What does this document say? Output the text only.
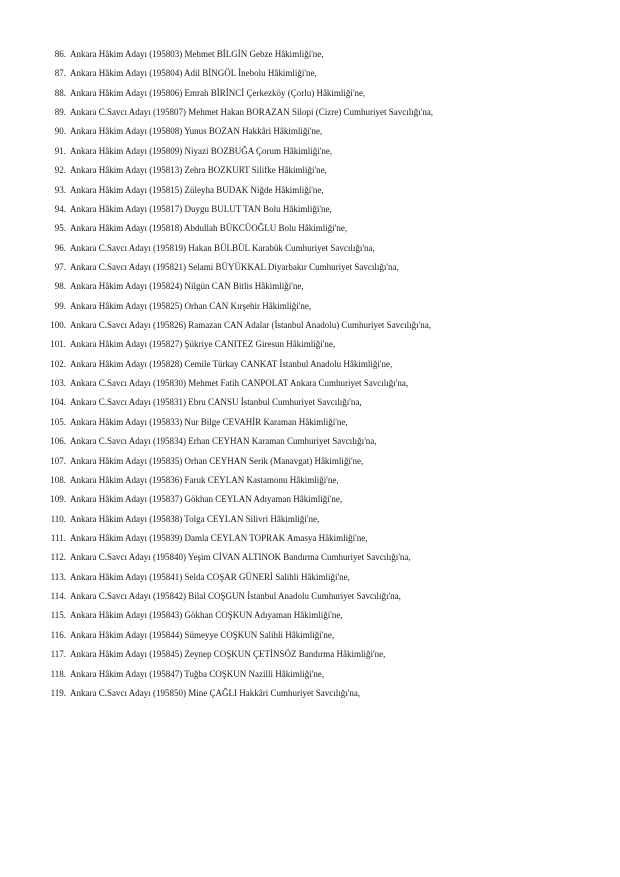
86. Ankara Hâkim Adayı (195803) Mehmet BİLGİN Gebze Hâkimliği'ne,
87. Ankara Hâkim Adayı (195804) Adil BİNGÖL İnebolu Hâkimliği'ne,
88. Ankara Hâkim Adayı (195806) Emrah BİRİNCİ Çerkezköy (Çorlu) Hâkimliği'ne,
89. Ankara C.Savcı Adayı (195807) Mehmet Hakan BORAZAN Silopi (Cizre) Cumhuriyet Savcılığı'na,
90. Ankara Hâkim Adayı (195808) Yunus BOZAN Hakkâri Hâkimliği'ne,
91. Ankara Hâkim Adayı (195809) Niyazi BOZBUĞA Çorum Hâkimliği'ne,
92. Ankara Hâkim Adayı (195813) Zehra BOZKURT Silifke Hâkimliği'ne,
93. Ankara Hâkim Adayı (195815) Züleyha BUDAK Niğde Hâkimliği'ne,
94. Ankara Hâkim Adayı (195817) Duygu BULUT TAN Bolu Hâkimliği'ne,
95. Ankara Hâkim Adayı (195818) Abdullah BÜKCÜOĞLU Bolu Hâkimliği'ne,
96. Ankara C.Savcı Adayı (195819) Hakan BÜLBÜL Karabük Cumhuriyet Savcılığı'na,
97. Ankara C.Savcı Adayı (195821) Selami BÜYÜKKAL Diyarbakır Cumhuriyet Savcılığı'na,
98. Ankara Hâkim Adayı (195824) Nilgün CAN Bitlis Hâkimliği'ne,
99. Ankara Hâkim Adayı (195825) Orhan CAN Kırşehir Hâkimliği'ne,
100. Ankara C.Savcı Adayı (195826) Ramazan CAN Adalar (İstanbul Anadolu) Cumhuriyet Savcılığı'na,
101. Ankara Hâkim Adayı (195827) Şükriye CANITEZ Giresun Hâkimliği'ne,
102. Ankara Hâkim Adayı (195828) Cemile Türkay CANKAT İstanbul Anadolu Hâkimliği'ne,
103. Ankara C.Savcı Adayı (195830) Mehmet Fatih CANPOLAT Ankara Cumhuriyet Savcılığı'na,
104. Ankara C.Savcı Adayı (195831) Ebru CANSU İstanbul Cumhuriyet Savcılığı'na,
105. Ankara Hâkim Adayı (195833) Nur Bilge CEVAHİR Karaman Hâkimliği'ne,
106. Ankara C.Savcı Adayı (195834) Erhan CEYHAN Karaman Cumhuriyet Savcılığı'na,
107. Ankara Hâkim Adayı (195835) Orhan CEYHAN Serik (Manavgat) Hâkimliği'ne,
108. Ankara Hâkim Adayı (195836) Faruk CEYLAN Kastamonu Hâkimliği'ne,
109. Ankara Hâkim Adayı (195837) Gökhan CEYLAN Adıyaman Hâkimliği'ne,
110. Ankara Hâkim Adayı (195838) Tolga CEYLAN Silivri Hâkimliği'ne,
111. Ankara Hâkim Adayı (195839) Damla CEYLAN TOPRAK Amasya Hâkimliği'ne,
112. Ankara C.Savcı Adayı (195840) Yeşim CİVAN ALTINOK Bandırma Cumhuriyet Savcılığı'na,
113. Ankara Hâkim Adayı (195841) Selda COŞAR GÜNERİ Salihli Hâkimliği'ne,
114. Ankara C.Savcı Adayı (195842) Bilal COŞGUN İstanbul Anadolu Cumhuriyet Savcılığı'na,
115. Ankara Hâkim Adayı (195843) Gökhan COŞKUN Adıyaman Hâkimliği'ne,
116. Ankara Hâkim Adayı (195844) Sümeyye COŞKUN Salihli Hâkimliği'ne,
117. Ankara Hâkim Adayı (195845) Zeynep COŞKUN ÇETİNSÖZ Bandırma Hâkimliği'ne,
118. Ankara Hâkim Adayı (195847) Tuğba COŞKUN Nazilli Hâkimliği'ne,
119. Ankara C.Savcı Adayı (195850) Mine ÇAĞLI Hakkâri Cumhuriyet Savcılığı'na,
